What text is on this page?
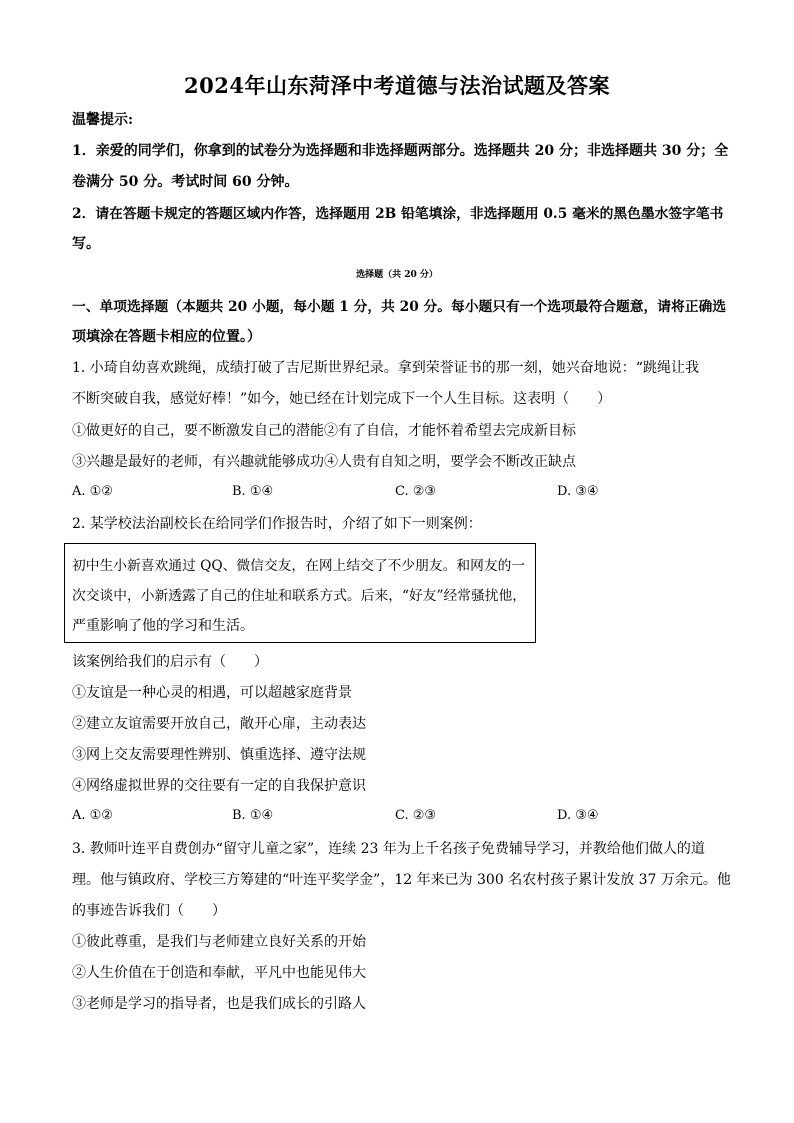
2024年山东菏泽中考道德与法治试题及答案
温馨提示:
1．亲爱的同学们，你拿到的试卷分为选择题和非选择题两部分。选择题共 20 分；非选择题共 30 分；全
卷满分 50 分。考试时间 60 分钟。
2．请在答题卡规定的答题区域内作答，选择题用 2B 铅笔填涂，非选择题用 0.5 毫米的黑色墨水签字笔书
写。
选择题（共 20 分）
一、单项选择题（本题共 20 小题，每小题 1 分，共 20 分。每小题只有一个选项最符合题意，请将正确选
项填涂在答题卡相应的位置。）
1. 小琦自幼喜欢跳绳，成绩打破了吉尼斯世界纪录。拿到荣誉证书的那一刻，她兴奋地说：“跳绳让我
不断突破自我，感觉好棒！”如今，她已经在计划完成下一个人生目标。这表明（　　）
①做更好的自己，要不断激发自己的潜能②有了自信，才能怀着希望去完成新目标
③兴趣是最好的老师，有兴趣就能够成功④人贵有自知之明，要学会不断改正缺点
A. ①②	B. ①④	C. ②③	D. ③④
2. 某学校法治副校长在给同学们作报告时，介绍了如下一则案例：
初中生小新喜欢通过 QQ、微信交友，在网上结交了不少朋友。和网友的一
次交谈中，小新透露了自己的住址和联系方式。后来，“好友”经常骚扰他，
严重影响了他的学习和生活。
该案例给我们的启示有（　　）
①友谊是一种心灵的相遇，可以超越家庭背景
②建立友谊需要开放自己，敞开心扉，主动表达
③网上交友需要理性辨别、慎重选择、遵守法规
④网络虚拟世界的交往要有一定的自我保护意识
A. ①②	B. ①④	C. ②③	D. ③④
3. 教师叶连平自费创办“留守儿童之家”，连续 23 年为上千名孩子免费辅导学习，并教给他们做人的道
理。他与镇政府、学校三方筹建的“叶连平奖学金”，12 年来已为 300 名农村孩子累计发放 37 万余元。他
的事迹告诉我们（　　）
①彼此尊重，是我们与老师建立良好关系的开始
②人生价值在于创造和奉献，平凡中也能见伟大
③老师是学习的指导者，也是我们成长的引路人
